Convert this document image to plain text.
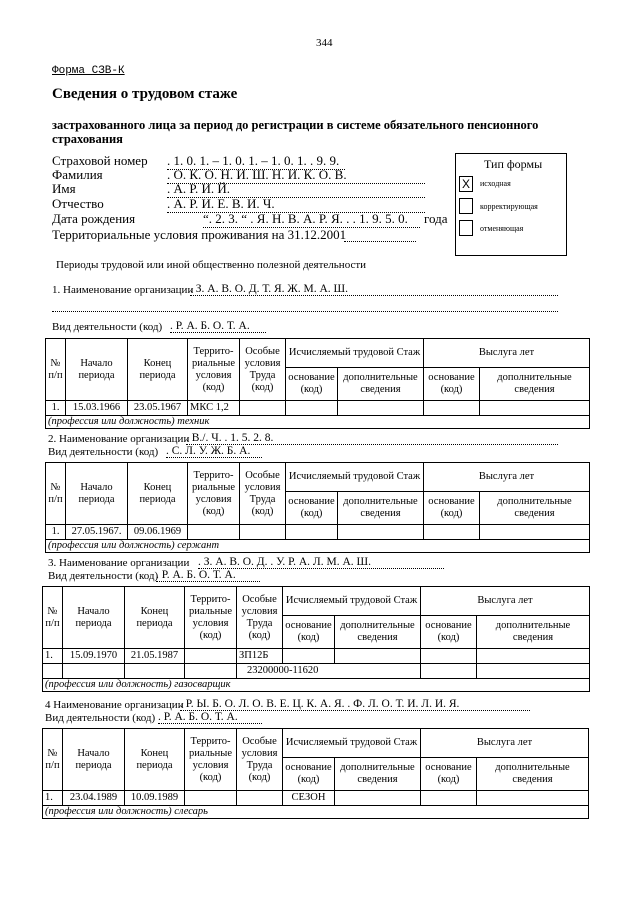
344
Форма СЗВ-К
Сведения о трудовом стаже
застрахованного лица за период до регистрации в системе обязательного пенсионного
страхования
Страховой номер . 1. 0. 1. – 1. 0. 1. – 1. 0. 1. . 9. 9.
Фамилия	. О. К. О. Н. И. Ш. Н. И. К. О. В.
Имя	. А. Р. И. Й.
Отчество	. А. Р. И. Е. В. И. Ч.
Дата рождения	“. 2. 3. “ . Я. Н. В. А. Р. Я. . . 1. 9. 5. 0.	года
Территориальные условия проживания на 31.12.2001
Тип формы
X	исходная
корректирующая
отменяющая
Периоды трудовой или иной общественно полезной деятельности
1. Наименование организации
. З. А. В. О. Д. Т. Я. Ж. М. А. Ш.
Вид деятельности (код) . Р. А. Б. О. Т. А.
№ п/п	Начало периода	Конец периода	Террито-риальные условия (код)	Особые условия Труда (код)	Исчисляемый трудовой Стаж		Выслуга лет	
					основание (код)	дополнительные сведения	основание (код)	дополнительные сведения
1.	15.03.1966	23.05.1967	МКС 1,2					
(профессия или должность) техник								
2. Наименование организации
. В./. Ч. . 1. 5. 2. 8.
Вид деятельности (код) . С. Л. У. Ж. Б. А.
№ п/п	Начало периода	Конец периода	Террито-риальные условия (код)	Особые условия Труда (код)	Исчисляемый трудовой Стаж		Выслуга лет	
					основание (код)	дополнительные сведения	основание (код)	дополнительные сведения
1.	27.05.1967.	09.06.1969						
(профессия или должность) сержант								
3. Наименование организации . З. А. В. О. Д. . У. Р. А. Л. М. А. Ш.
Вид деятельности (код)
. Р. А. Б. О. Т. А.
№ п/п	Начало периода	Конец периода	Террито-риальные условия (код)	Особые условия Труда (код)	Исчисляемый трудовой Стаж		Выслуга лет	
					основание (код)	дополнительные сведения	основание (код)	дополнительные сведения
1.	15.09.1970	21.05.1987		ЗП12Б				
				23200000-11620				
(профессия или должность) газосварщик								
4 Наименование организации
. Р. Ы. Б. О. Л. О. В. Е. Ц. К. А. Я. . Ф. Л. О. Т. И. Л. И. Я.
Вид деятельности (код) . Р. А. Б. О. Т. А.
№ п/п	Начало периода	Конец периода	Террито-риальные условия (код)	Особые условия Труда (код)	Исчисляемый трудовой Стаж		Выслуга лет	
					основание (код)	дополнительные сведения	основание (код)	дополнительные сведения
1.	23.04.1989	10.09.1989			СЕЗОН			
(профессия или должность) слесарь								
